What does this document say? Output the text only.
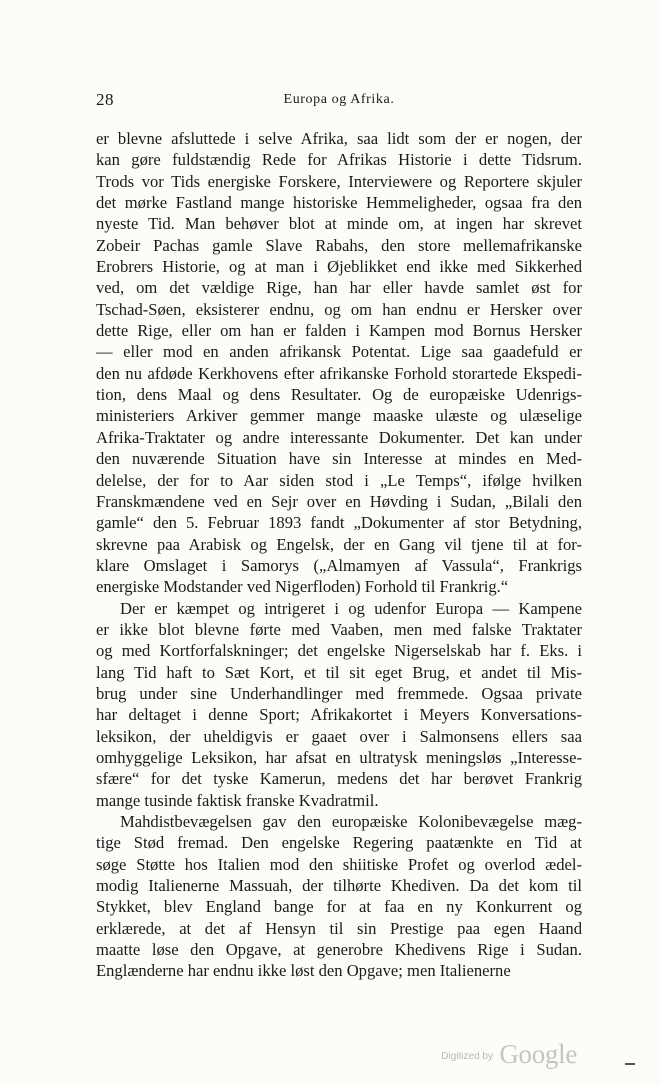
28	Europa og Afrika.
er blevne afsluttede i selve Afrika, saa lidt som der er nogen, der
kan gøre fuldstændig Rede for Afrikas Historie i dette Tidsrum.
Trods vor Tids energiske Forskere, Interviewere og Reportere skjuler
det mørke Fastland mange historiske Hemmeligheder, ogsaa fra den
nyeste Tid. Man behøver blot at minde om, at ingen har skrevet
Zobeir Pachas gamle Slave Rabahs, den store mellemafrikanske
Erobrers Historie, og at man i Øjeblikket end ikke med Sikkerhed
ved, om det vældige Rige, han har eller havde samlet øst for
Tschad-Søen, eksisterer endnu, og om han endnu er Hersker over
dette Rige, eller om han er falden i Kampen mod Bornus Hersker
— eller mod en anden afrikansk Potentat. Lige saa gaadefuld er
den nu afdøde Kerkhovens efter afrikanske Forhold storartede Ekspedi-
tion, dens Maal og dens Resultater. Og de europæiske Udenrigs-
ministeriers Arkiver gemmer mange maaske ulæste og ulæselige
Afrika-Traktater og andre interessante Dokumenter. Det kan under
den nuværende Situation have sin Interesse at mindes en Med-
delelse, der for to Aar siden stod i „Le Temps“, ifølge hvilken
Franskmændene ved en Sejr over en Høvding i Sudan, „Bilali den
gamle“ den 5. Februar 1893 fandt „Dokumenter af stor Betydning,
skrevne paa Arabisk og Engelsk, der en Gang vil tjene til at for-
klare Omslaget i Samorys („Almamyen af Vassula“, Frankrigs
energiske Modstander ved Nigerfloden) Forhold til Frankrig.“
Der er kæmpet og intrigeret i og udenfor Europa — Kampene
er ikke blot blevne førte med Vaaben, men med falske Traktater
og med Kortforfalskninger; det engelske Nigerselskab har f. Eks. i
lang Tid haft to Sæt Kort, et til sit eget Brug, et andet til Mis-
brug under sine Underhandlinger med fremmede. Ogsaa private
har deltaget i denne Sport; Afrikakortet i Meyers Konversations-
leksikon, der uheldigvis er gaaet over i Salmonsens ellers saa
omhyggelige Leksikon, har afsat en ultratysk meningsløs „Interesse-
sfære“ for det tyske Kamerun, medens det har berøvet Frankrig
mange tusinde faktisk franske Kvadratmil.
Mahdistbevægelsen gav den europæiske Kolonibevægelse mæg-
tige Stød fremad. Den engelske Regering paatænkte en Tid at
søge Støtte hos Italien mod den shiitiske Profet og overlod ædel-
modig Italienerne Massuah, der tilhørte Khediven. Da det kom til
Stykket, blev England bange for at faa en ny Konkurrent og
erklærede, at det af Hensyn til sin Prestige paa egen Haand
maatte løse den Opgave, at generobre Khedivens Rige i Sudan.
Englænderne har endnu ikke løst den Opgave; men Italienerne
Digitized by Google
